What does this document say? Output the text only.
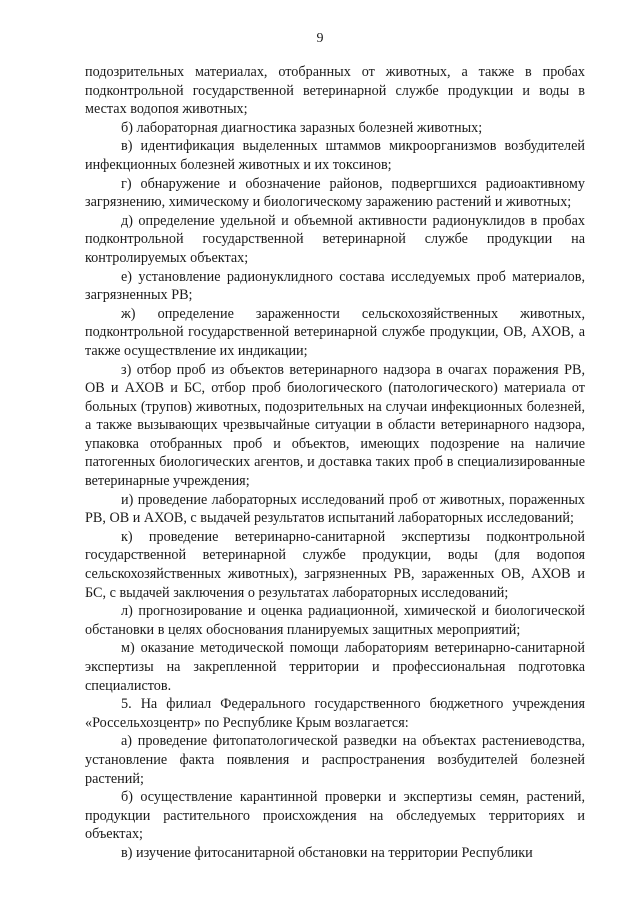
9

подозрительных материалах, отобранных от животных, а также в пробах подконтрольной государственной ветеринарной службе продукции и воды в местах водопоя животных;

б) лабораторная диагностика заразных болезней животных;

в) идентификация выделенных штаммов микроорганизмов возбудителей инфекционных болезней животных и их токсинов;

г) обнаружение и обозначение районов, подвергшихся радиоактивному загрязнению, химическому и биологическому заражению растений и животных;

д) определение удельной и объемной активности радионуклидов в пробах подконтрольной государственной ветеринарной службе продукции на контролируемых объектах;

е) установление радионуклидного состава исследуемых проб материалов, загрязненных РВ;

ж) определение зараженности сельскохозяйственных животных, подконтрольной государственной ветеринарной службе продукции, ОВ, АХОВ, а также осуществление их индикации;

з) отбор проб из объектов ветеринарного надзора в очагах поражения РВ, ОВ и АХОВ и БС, отбор проб биологического (патологического) материала от больных (трупов) животных, подозрительных на случаи инфекционных болезней, а также вызывающих чрезвычайные ситуации в области ветеринарного надзора, упаковка отобранных проб и объектов, имеющих подозрение на наличие патогенных биологических агентов, и доставка таких проб в специализированные ветеринарные учреждения;

и) проведение лабораторных исследований проб от животных, пораженных РВ, ОВ и АХОВ, с выдачей результатов испытаний лабораторных исследований;

к) проведение ветеринарно-санитарной экспертизы подконтрольной государственной ветеринарной службе продукции, воды (для водопоя сельскохозяйственных животных), загрязненных РВ, зараженных ОВ, АХОВ и БС, с выдачей заключения о результатах лабораторных исследований;

л) прогнозирование и оценка радиационной, химической и биологической обстановки в целях обоснования планируемых защитных мероприятий;

м) оказание методической помощи лабораториям ветеринарно-санитарной экспертизы на закрепленной территории и профессиональная подготовка специалистов.

5. На филиал Федерального государственного бюджетного учреждения «Россельхозцентр» по Республике Крым возлагается:

а) проведение фитопатологической разведки на объектах растениеводства, установление факта появления и распространения возбудителей болезней растений;

б) осуществление карантинной проверки и экспертизы семян, растений, продукции растительного происхождения на обследуемых территориях и объектах;

в) изучение фитосанитарной обстановки на территории Республики
